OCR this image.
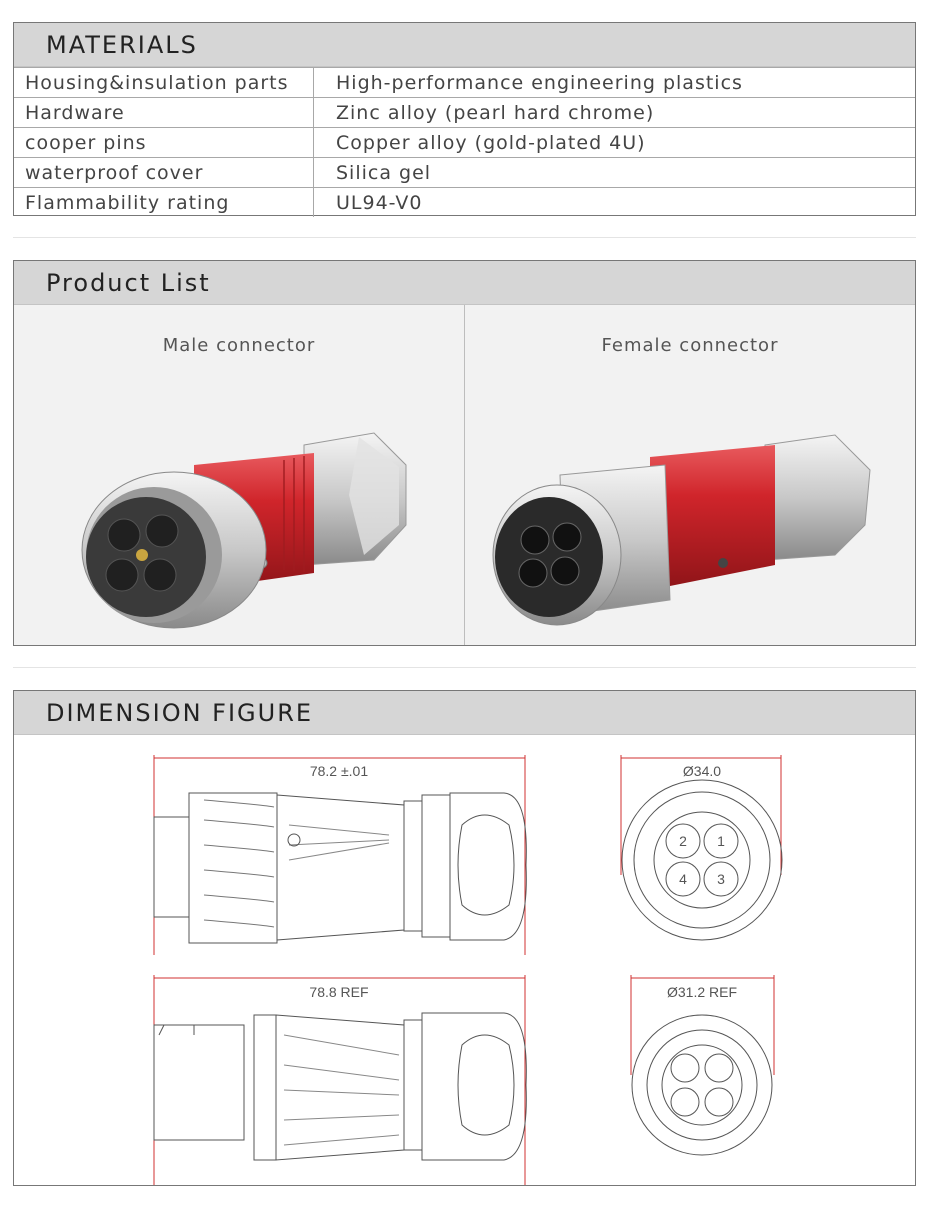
MATERIALS
Housing&insulation parts	High-performance engineering plastics
Hardware	Zinc alloy (pearl hard chrome)
cooper pins	Copper alloy (gold-plated 4U)
waterproof cover	Silica gel
Flammability rating	UL94-V0
Product List
Male connector	Female connector
DIMENSION FIGURE
78.2 ±.01	Ø34.0
78.8 REF	Ø31.2 REF
2 1
3
4
